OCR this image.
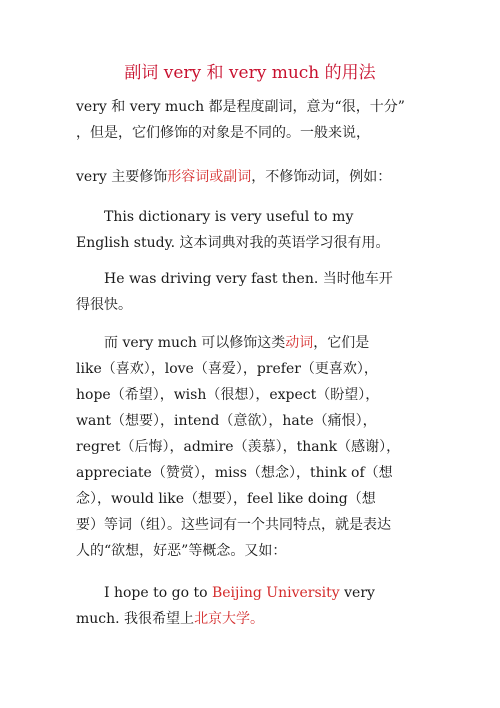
副词 very 和 very much 的用法
very 和 very much 都是程度副词，意为“很，十分”
，但是，它们修饰的对象是不同的。一般来说，
very 主要修饰形容词或副词，不修饰动词，例如：
This dictionary is very useful to my
English study. 这本词典对我的英语学习很有用。
He was driving very fast then. 当时他车开
得很快。
而 very much 可以修饰这类动词，它们是
like（喜欢），love（喜爱），prefer（更喜欢），
hope（希望），wish（很想），expect（盼望），
want（想要），intend（意欲），hate（痛恨），
regret（后悔），admire（羡慕），thank（感谢），
appreciate（赞赏），miss（想念），think of（想
念），would like（想要），feel like doing（想
要）等词（组）。这些词有一个共同特点，就是表达
人的“欲想，好恶”等概念。又如：
I hope to go to Beijing University very
much. 我很希望上北京大学。
